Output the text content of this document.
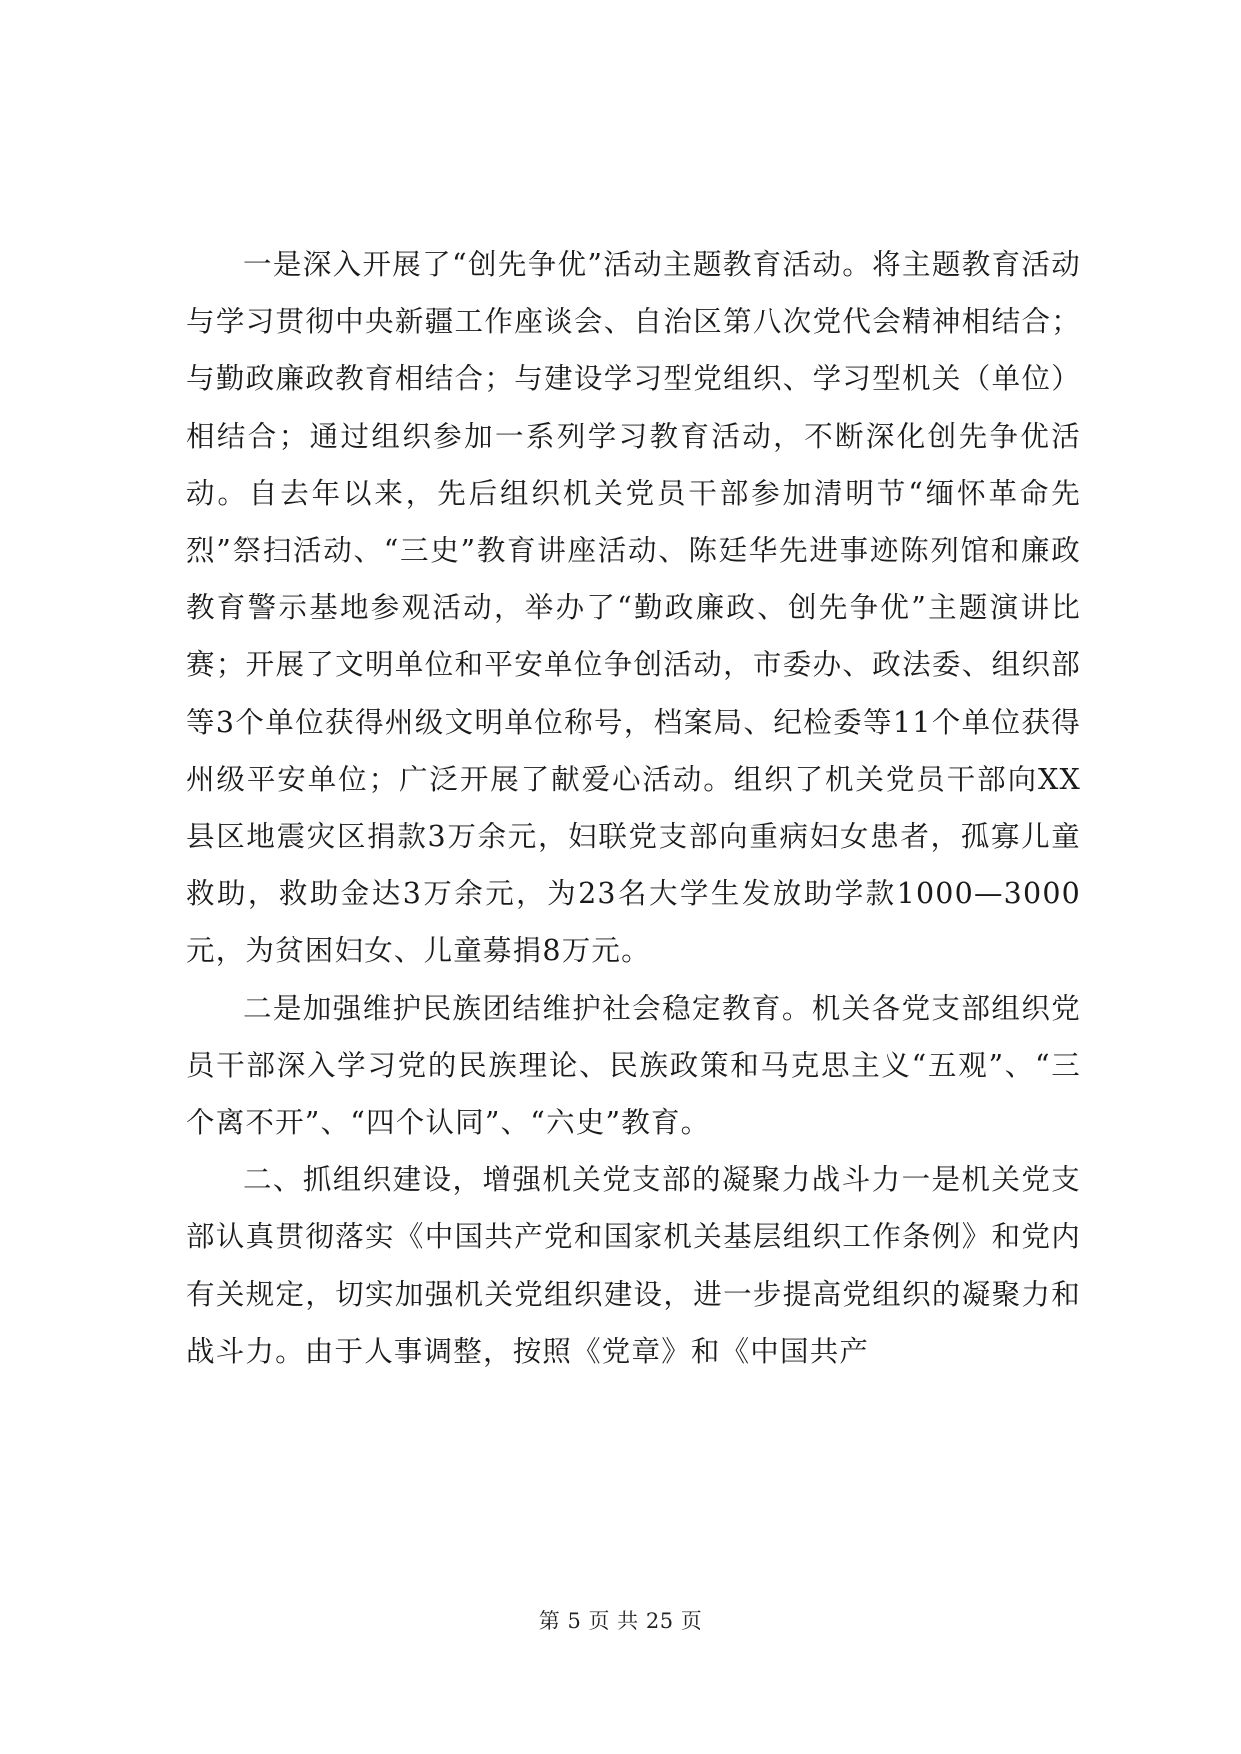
一是深入开展了“创先争优”活动主题教育活动。将主题教育活动与学习贯彻中央新疆工作座谈会、自治区第八次党代会精神相结合；与勤政廉政教育相结合；与建设学习型党组织、学习型机关（单位）相结合；通过组织参加一系列学习教育活动，不断深化创先争优活动。自去年以来，先后组织机关党员干部参加清明节“缅怀革命先烈”祭扫活动、“三史”教育讲座活动、陈廷华先进事迹陈列馆和廉政教育警示基地参观活动，举办了“勤政廉政、创先争优”主题演讲比赛；开展了文明单位和平安单位争创活动，市委办、政法委、组织部等3个单位获得州级文明单位称号，档案局、纪检委等11个单位获得州级平安单位；广泛开展了献爱心活动。组织了机关党员干部向XX县区地震灾区捐款3万余元，妇联党支部向重病妇女患者，孤寡儿童救助，救助金达3万余元，为23名大学生发放助学款1000—3000元，为贫困妇女、儿童募捐8万元。

二是加强维护民族团结维护社会稳定教育。机关各党支部组织党员干部深入学习党的民族理论、民族政策和马克思主义“五观”、“三个离不开”、“四个认同”、“六史”教育。

二、抓组织建设，增强机关党支部的凝聚力战斗力一是机关党支部认真贯彻落实《中国共产党和国家机关基层组织工作条例》和党内有关规定，切实加强机关党组织建设，进一步提高党组织的凝聚力和战斗力。由于人事调整，按照《党章》和《中国共产

第 5 页 共 25 页
